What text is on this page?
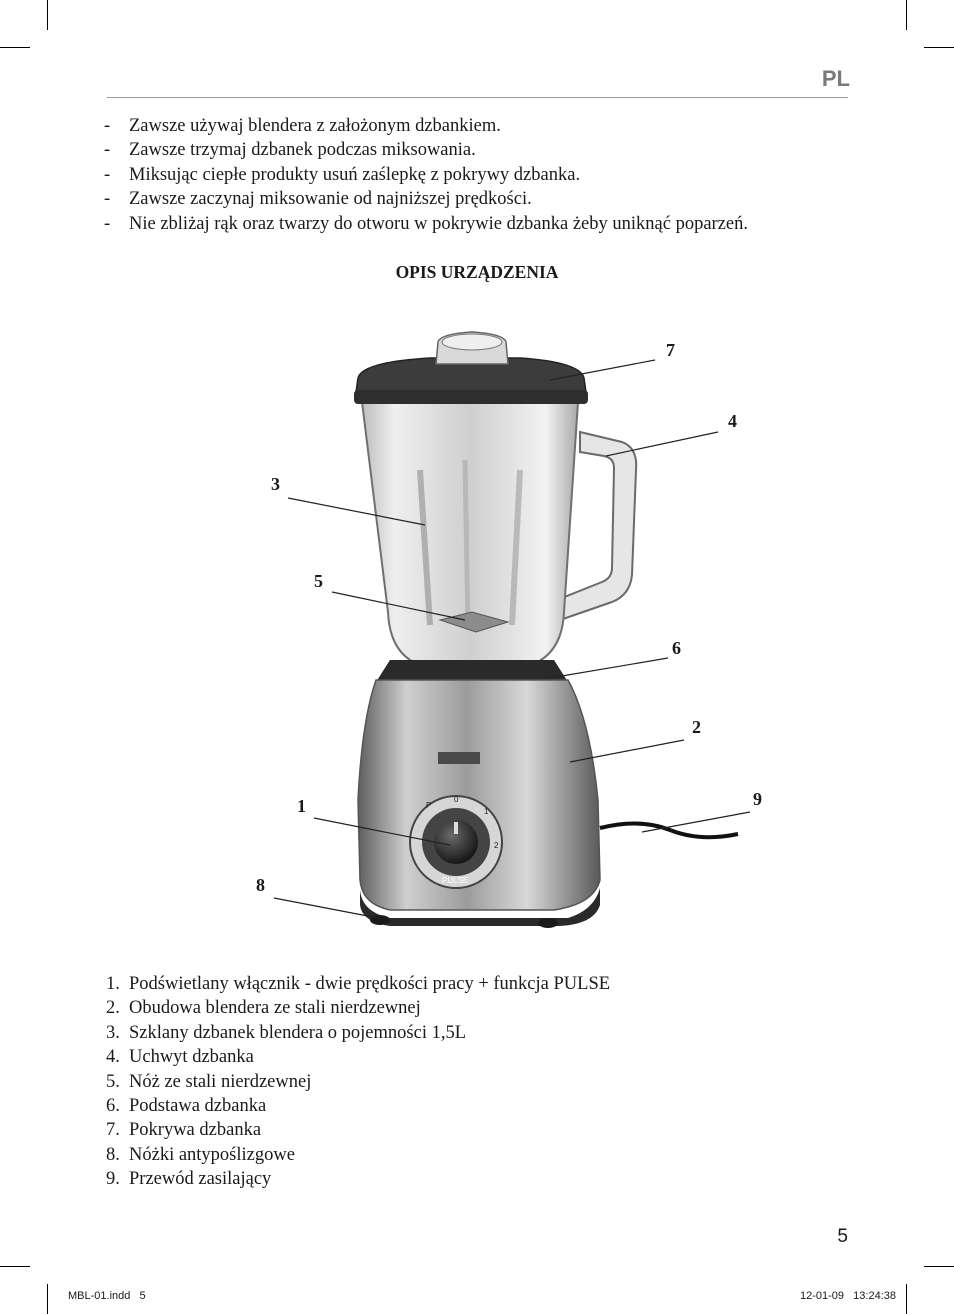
PL
- Zawsze używaj blendera z założonym dzbankiem.
- Zawsze trzymaj dzbanek podczas miksowania.
- Miksując ciepłe produkty usuń zaślepkę z pokrywy dzbanka.
- Zawsze zaczynaj miksowanie od najniższej prędkości.
- Nie zbliżaj rąk oraz twarzy do otworu w pokrywie dzbanka żeby uniknąć poparzeń.
OPIS URZĄDZENIA
P
0
1
2
PULSE
7
4
3
5
6
2
1	9
8
1. Podświetlany włącznik - dwie prędkości pracy + funkcja PULSE
2. Obudowa blendera ze stali nierdzewnej
3. Szklany dzbanek blendera o pojemności 1,5L
4. Uchwyt dzbanka
5. Nóż ze stali nierdzewnej
6. Podstawa dzbanka
7. Pokrywa dzbanka
8. Nóżki antypoślizgowe
9. Przewód zasilający
5
MBL-01.indd   5	12-01-09   13:24:38
